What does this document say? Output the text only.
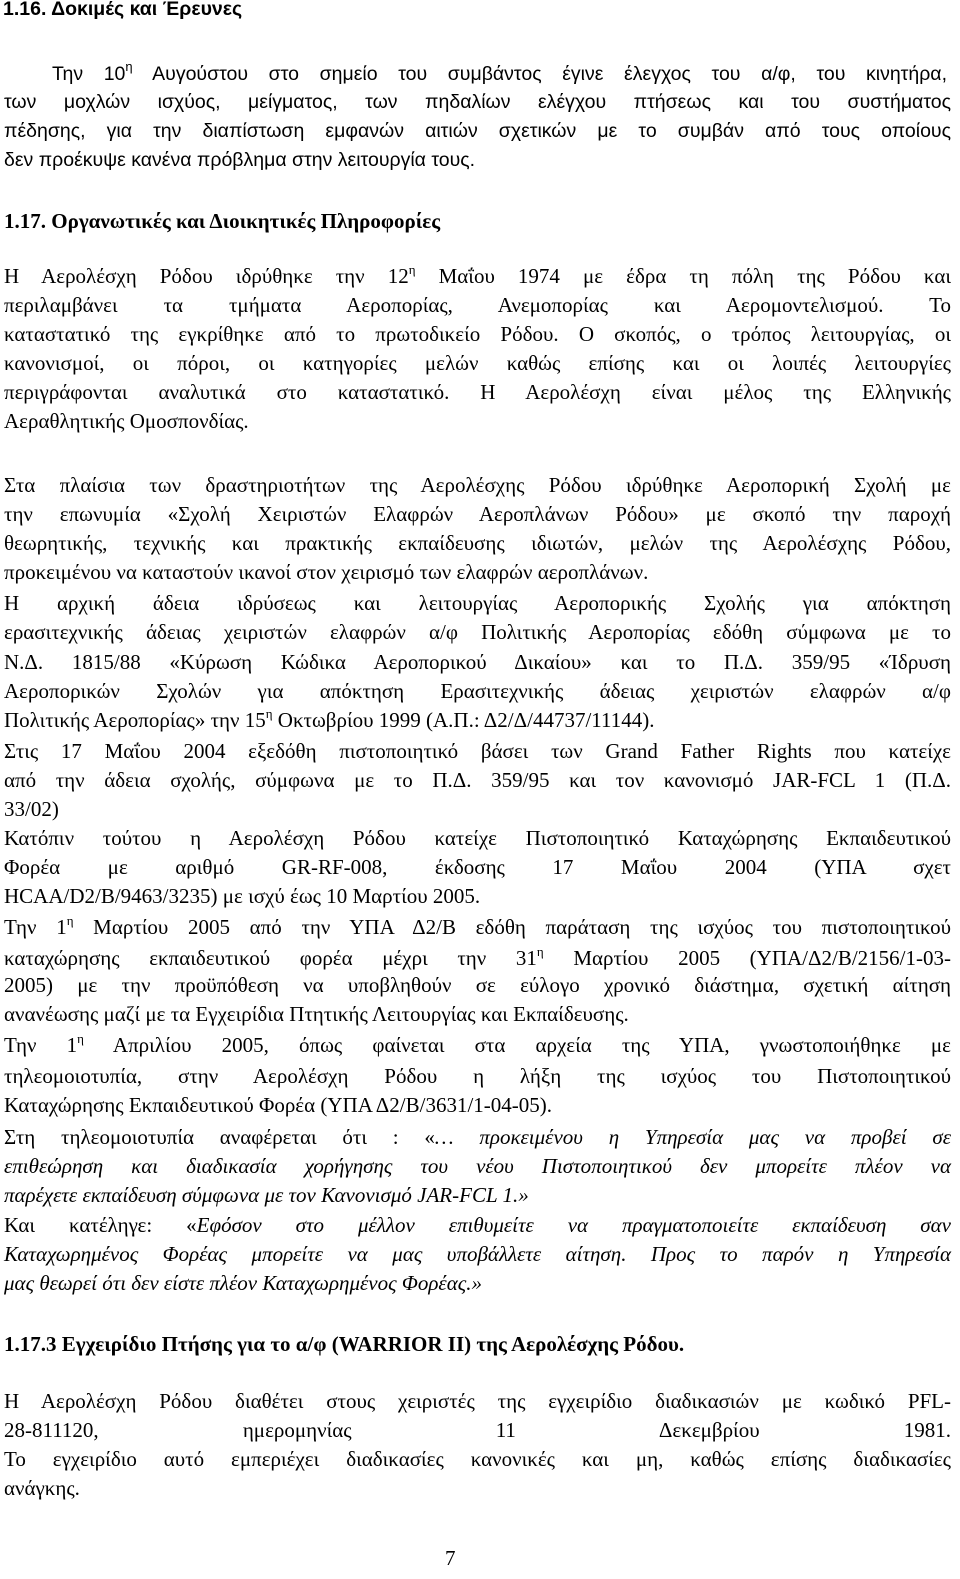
1.16. Δοκιμές και Έρευνες

Την $10^\eta$ Αυγούστου στο σημείο του συμβάντος έγινε έλεγχος του α/φ, του κινητήρα,

των μοχλών ισχύος, μείγματος, των πηδαλίων ελέγχου πτήσεως και του συστήματος

πέδησης, για την διαπίστωση εμφανών αιτιών σχετικών με το συμβάν από τους οποίους

δεν προέκυψε κανένα πρόβλημα στην λειτουργία τους.

1.17. Οργανωτικές και Διοικητικές Πληροφορίες

Η Αερολέσχη Ρόδου ιδρύθηκε την $12^\eta$ Μαΐου 1974 με έδρα τη πόλη της Ρόδου και

περιλαμβάνει τα τμήματα Αεροπορίας, Ανεμοπορίας και Αερομοντελισμού. Το

καταστατικό της εγκρίθηκε από το πρωτοδικείο Ρόδου. Ο σκοπός, ο τρόπος λειτουργίας, οι

κανονισμοί, οι πόροι, οι κατηγορίες μελών καθώς επίσης και οι λοιπές λειτουργίες

περιγράφονται αναλυτικά στο καταστατικό. Η Αερολέσχη είναι μέλος της Ελληνικής

Αεραθλητικής Ομοσπονδίας.

Στα πλαίσια των δραστηριοτήτων της Αερολέσχης Ρόδου ιδρύθηκε Αεροπορική Σχολή με

την επωνυμία «Σχολή Χειριστών Ελαφρών Αεροπλάνων Ρόδου» με σκοπό την παροχή

θεωρητικής, τεχνικής και πρακτικής εκπαίδευσης ιδιωτών, μελών της Αερολέσχης Ρόδου,

προκειμένου να καταστούν ικανοί στον χειρισμό των ελαφρών αεροπλάνων.

Η αρχική άδεια ιδρύσεως και λειτουργίας Αεροπορικής Σχολής για απόκτηση

ερασιτεχνικής άδειας χειριστών ελαφρών α/φ Πολιτικής Αεροπορίας εδόθη σύμφωνα με το

Ν.Δ. 1815/88 «Κύρωση Κώδικα Αεροπορικού Δικαίου» και το Π.Δ. 359/95 «Ίδρυση

Αεροπορικών Σχολών για απόκτηση Ερασιτεχνικής άδειας χειριστών ελαφρών α/φ

Πολιτικής Αεροπορίας» την $15^\eta$ Οκτωβρίου 1999 (Α.Π.: Δ2/Δ/44737/11144).

Στις 17 Μαΐου 2004 εξεδόθη πιστοποιητικό βάσει των Grand Father Rights που κατείχε

από την άδεια σχολής, σύμφωνα με το Π.Δ. 359/95 και τον κανονισμό JAR-FCL 1 (Π.Δ.

33/02)

Κατόπιν τούτου η Αερολέσχη Ρόδου κατείχε Πιστοποιητικό Καταχώρησης Εκπαιδευτικού

Φορέα με αριθμό GR-RF-008, έκδοσης 17 Μαΐου 2004 (ΥΠΑ σχετ

HCAA/D2/B/9463/3235) με ισχύ έως 10 Μαρτίου 2005.

Την $1^\eta$ Μαρτίου 2005 από την ΥΠΑ Δ2/Β εδόθη παράταση της ισχύος του πιστοποιητικού

καταχώρησης εκπαιδευτικού φορέα μέχρι την $31^\eta$ Μαρτίου 2005 (ΥΠΑ/Δ2/Β/2156/1-03-

2005) με την προϋπόθεση να υποβληθούν σε εύλογο χρονικό διάστημα, σχετική αίτηση

ανανέωσης μαζί με τα Εγχειρίδια Πτητικής Λειτουργίας και Εκπαίδευσης.

Την $1^\eta$ Απριλίου 2005, όπως φαίνεται στα αρχεία της ΥΠΑ, γνωστοποιήθηκε με

τηλεομοιοτυπία, στην Αερολέσχη Ρόδου η λήξη της ισχύος του Πιστοποιητικού

Καταχώρησης Εκπαιδευτικού Φορέα (ΥΠΑ Δ2/Β/3631/1-04-05).

Στη τηλεομοιοτυπία αναφέρεται ότι : «… προκειμένου η Υπηρεσία μας να προβεί σε

επιθεώρηση και διαδικασία χορήγησης του νέου Πιστοποιητικού δεν μπορείτε πλέον να

παρέχετε εκπαίδευση σύμφωνα με τον Κανονισμό JAR-FCL 1.»

Και κατέληγε: «Εφόσον στο μέλλον επιθυμείτε να πραγματοποιείτε εκπαίδευση σαν

Καταχωρημένος Φορέας μπορείτε να μας υποβάλλετε αίτηση. Προς το παρόν η Υπηρεσία

μας θεωρεί ότι δεν είστε πλέον Καταχωρημένος Φορέας.»

1.17.3 Εγχειρίδιο Πτήσης για το α/φ (WARRIOR II) της Αερολέσχης Ρόδου.

Η Αερολέσχη Ρόδου διαθέτει στους χειριστές της εγχειρίδιο διαδικασιών με κωδικό PFL-

28-811120, ημερομηνίας 11 Δεκεμβρίου 1981.

Το εγχειρίδιο αυτό εμπεριέχει διαδικασίες κανονικές και μη, καθώς επίσης διαδικασίες

ανάγκης.

7
